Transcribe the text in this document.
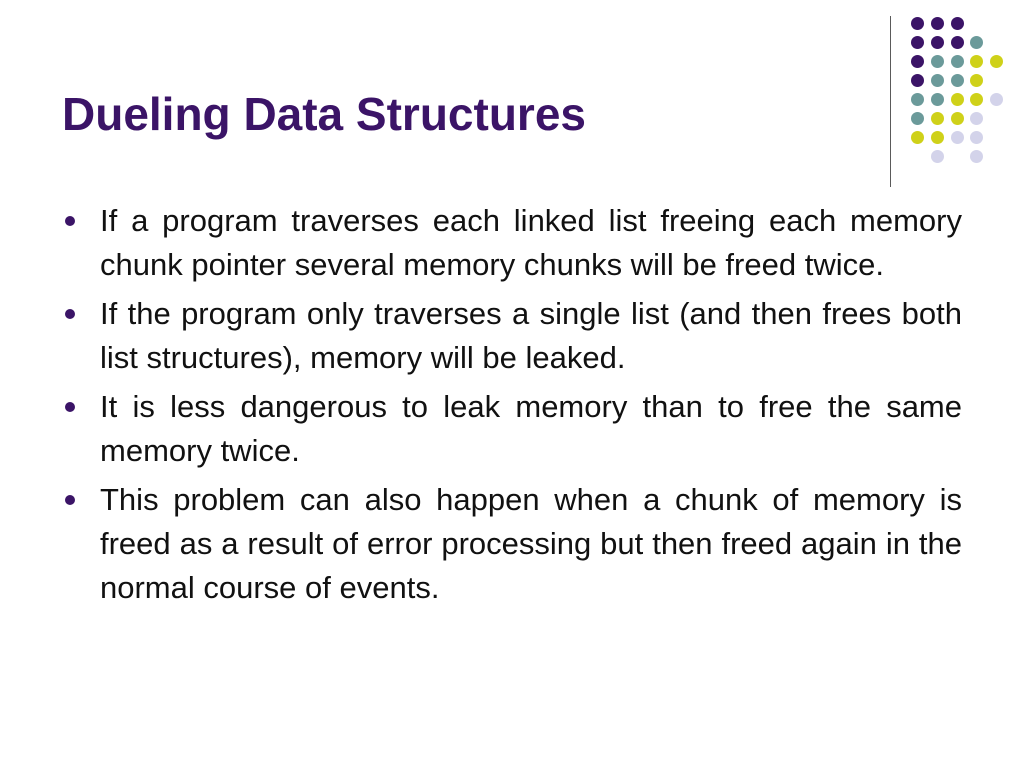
Dueling Data Structures
If a program traverses each linked list freeing each memory chunk pointer several memory chunks will be freed twice.
If the program only traverses a single list (and then frees both list structures), memory will be leaked.
It is less dangerous to leak memory than to free the same memory twice.
This problem can also happen when a chunk of memory is freed as a result of error processing but then freed again in the normal course of events.
